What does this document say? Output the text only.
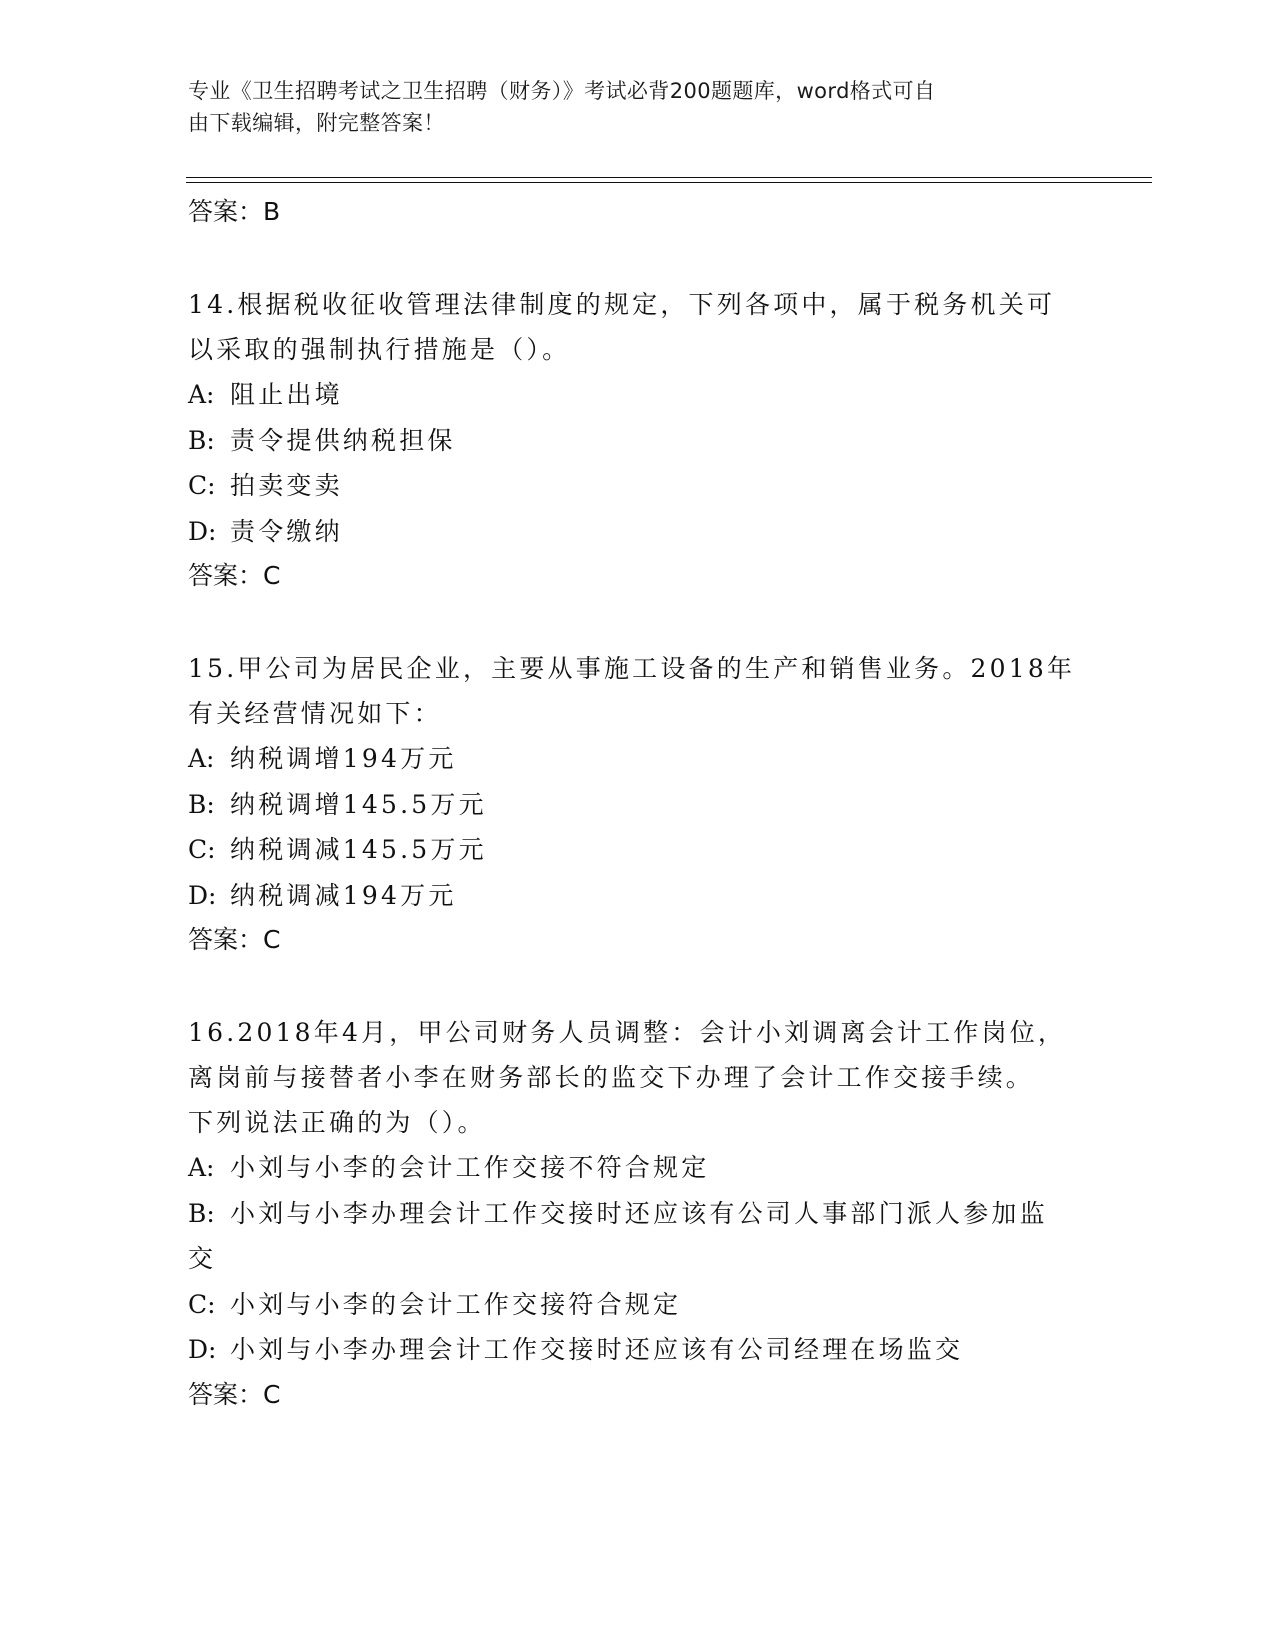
专业《卫生招聘考试之卫生招聘（财务）》考试必背200题题库，word格式可自
由下载编辑，附完整答案！
答案：B
14.根据税收征收管理法律制度的规定，下列各项中，属于税务机关可
以采取的强制执行措施是（）。
A: 阻止出境
B: 责令提供纳税担保
C: 拍卖变卖
D: 责令缴纳
答案：C
15.甲公司为居民企业，主要从事施工设备的生产和销售业务。2018年
有关经营情况如下：
A: 纳税调增194万元
B: 纳税调增145.5万元
C: 纳税调减145.5万元
D: 纳税调减194万元
答案：C
16.2018年4月，甲公司财务人员调整：会计小刘调离会计工作岗位，
离岗前与接替者小李在财务部长的监交下办理了会计工作交接手续。
下列说法正确的为（）。
A: 小刘与小李的会计工作交接不符合规定
B: 小刘与小李办理会计工作交接时还应该有公司人事部门派人参加监
交
C: 小刘与小李的会计工作交接符合规定
D: 小刘与小李办理会计工作交接时还应该有公司经理在场监交
答案：C
